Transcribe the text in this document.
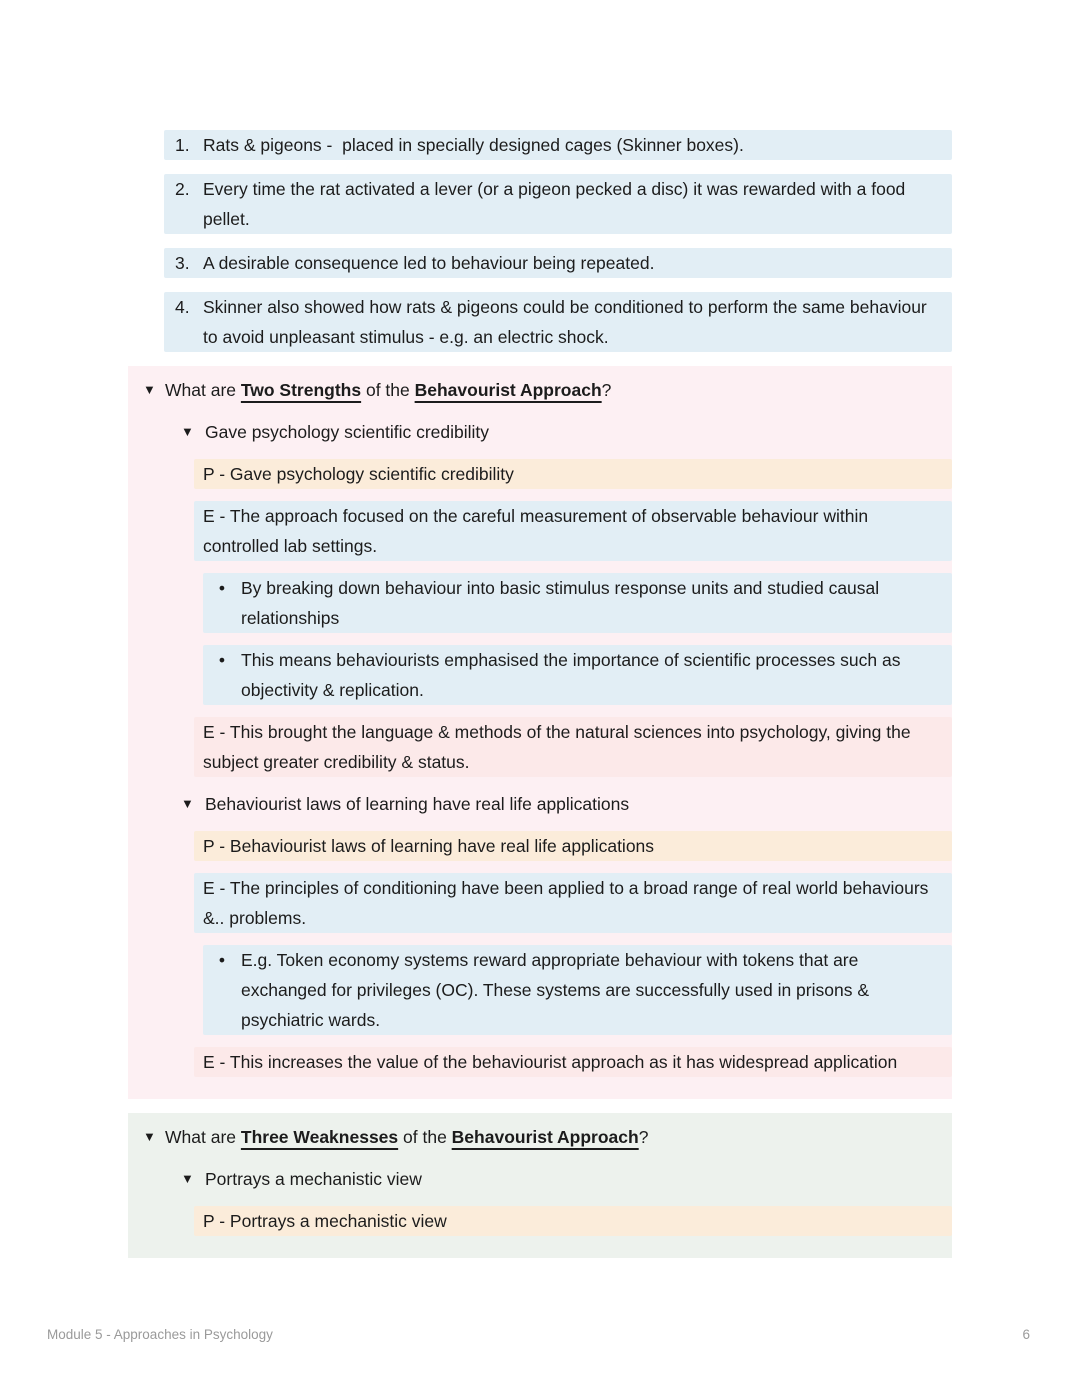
1. Rats & pigeons -  placed in specially designed cages (Skinner boxes).
2. Every time the rat activated a lever (or a pigeon pecked a disc) it was rewarded with a food pellet.
3. A desirable consequence led to behaviour being repeated.
4. Skinner also showed how rats & pigeons could be conditioned to perform the same behaviour to avoid unpleasant stimulus - e.g. an electric shock.
▼ What are Two Strengths of the Behavourist Approach?
▼ Gave psychology scientific credibility
P - Gave psychology scientific credibility
E - The approach focused on the careful measurement of observable behaviour within controlled lab settings.
•
By breaking down behaviour into basic stimulus response units and studied causal relationships
•
This means behaviourists emphasised the importance of scientific processes such as objectivity & replication.
E - This brought the language & methods of the natural sciences into psychology, giving the subject greater credibility & status.
▼ Behaviourist laws of learning have real life applications
P - Behaviourist laws of learning have real life applications
E - The principles of conditioning have been applied to a broad range of real world behaviours &.. problems.
•
E.g. Token economy systems reward appropriate behaviour with tokens that are exchanged for privileges (OC). These systems are successfully used in prisons & psychiatric wards.
E - This increases the value of the behaviourist approach as it has widespread application
▼ What are Three Weaknesses of the Behavourist Approach?
▼ Portrays a mechanistic view
P - Portrays a mechanistic view
Module 5 - Approaches in Psychology	6
